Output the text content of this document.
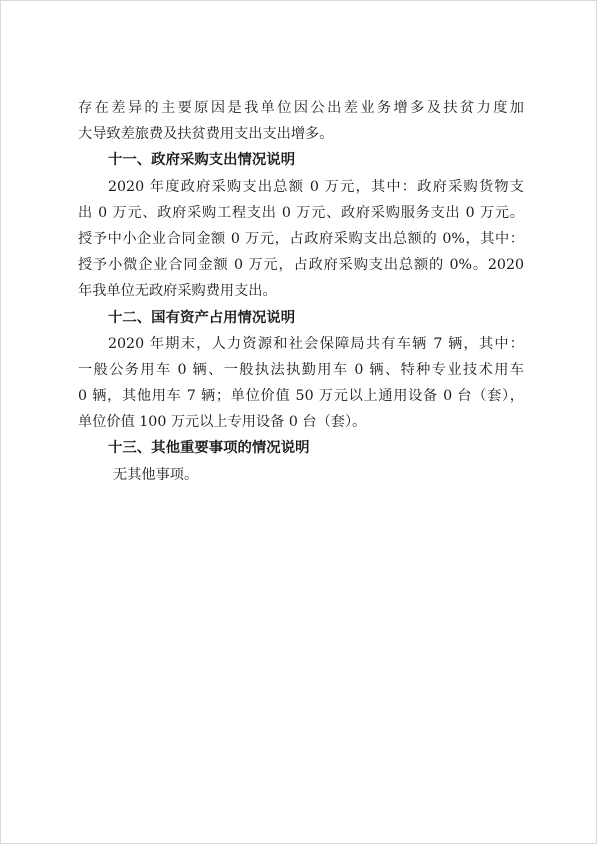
存在差异的主要原因是我单位因公出差业务增多及扶贫力度加
大导致差旅费及扶贫费用支出支出增多。
十一、政府采购支出情况说明
2020 年度政府采购支出总额 0 万元，其中：政府采购货物支
出 0 万元、政府采购工程支出 0 万元、政府采购服务支出 0 万元。
授予中小企业合同金额 0 万元，占政府采购支出总额的 0%，其中：
授予小微企业合同金额 0 万元，占政府采购支出总额的 0%。2020
年我单位无政府采购费用支出。
十二、国有资产占用情况说明
2020 年期末，人力资源和社会保障局共有车辆 7 辆，其中：
一般公务用车 0 辆、一般执法执勤用车 0 辆、特种专业技术用车
0 辆，其他用车 7 辆；单位价值 50 万元以上通用设备 0 台（套），
单位价值 100 万元以上专用设备 0 台（套）。
十三、其他重要事项的情况说明
无其他事项。
